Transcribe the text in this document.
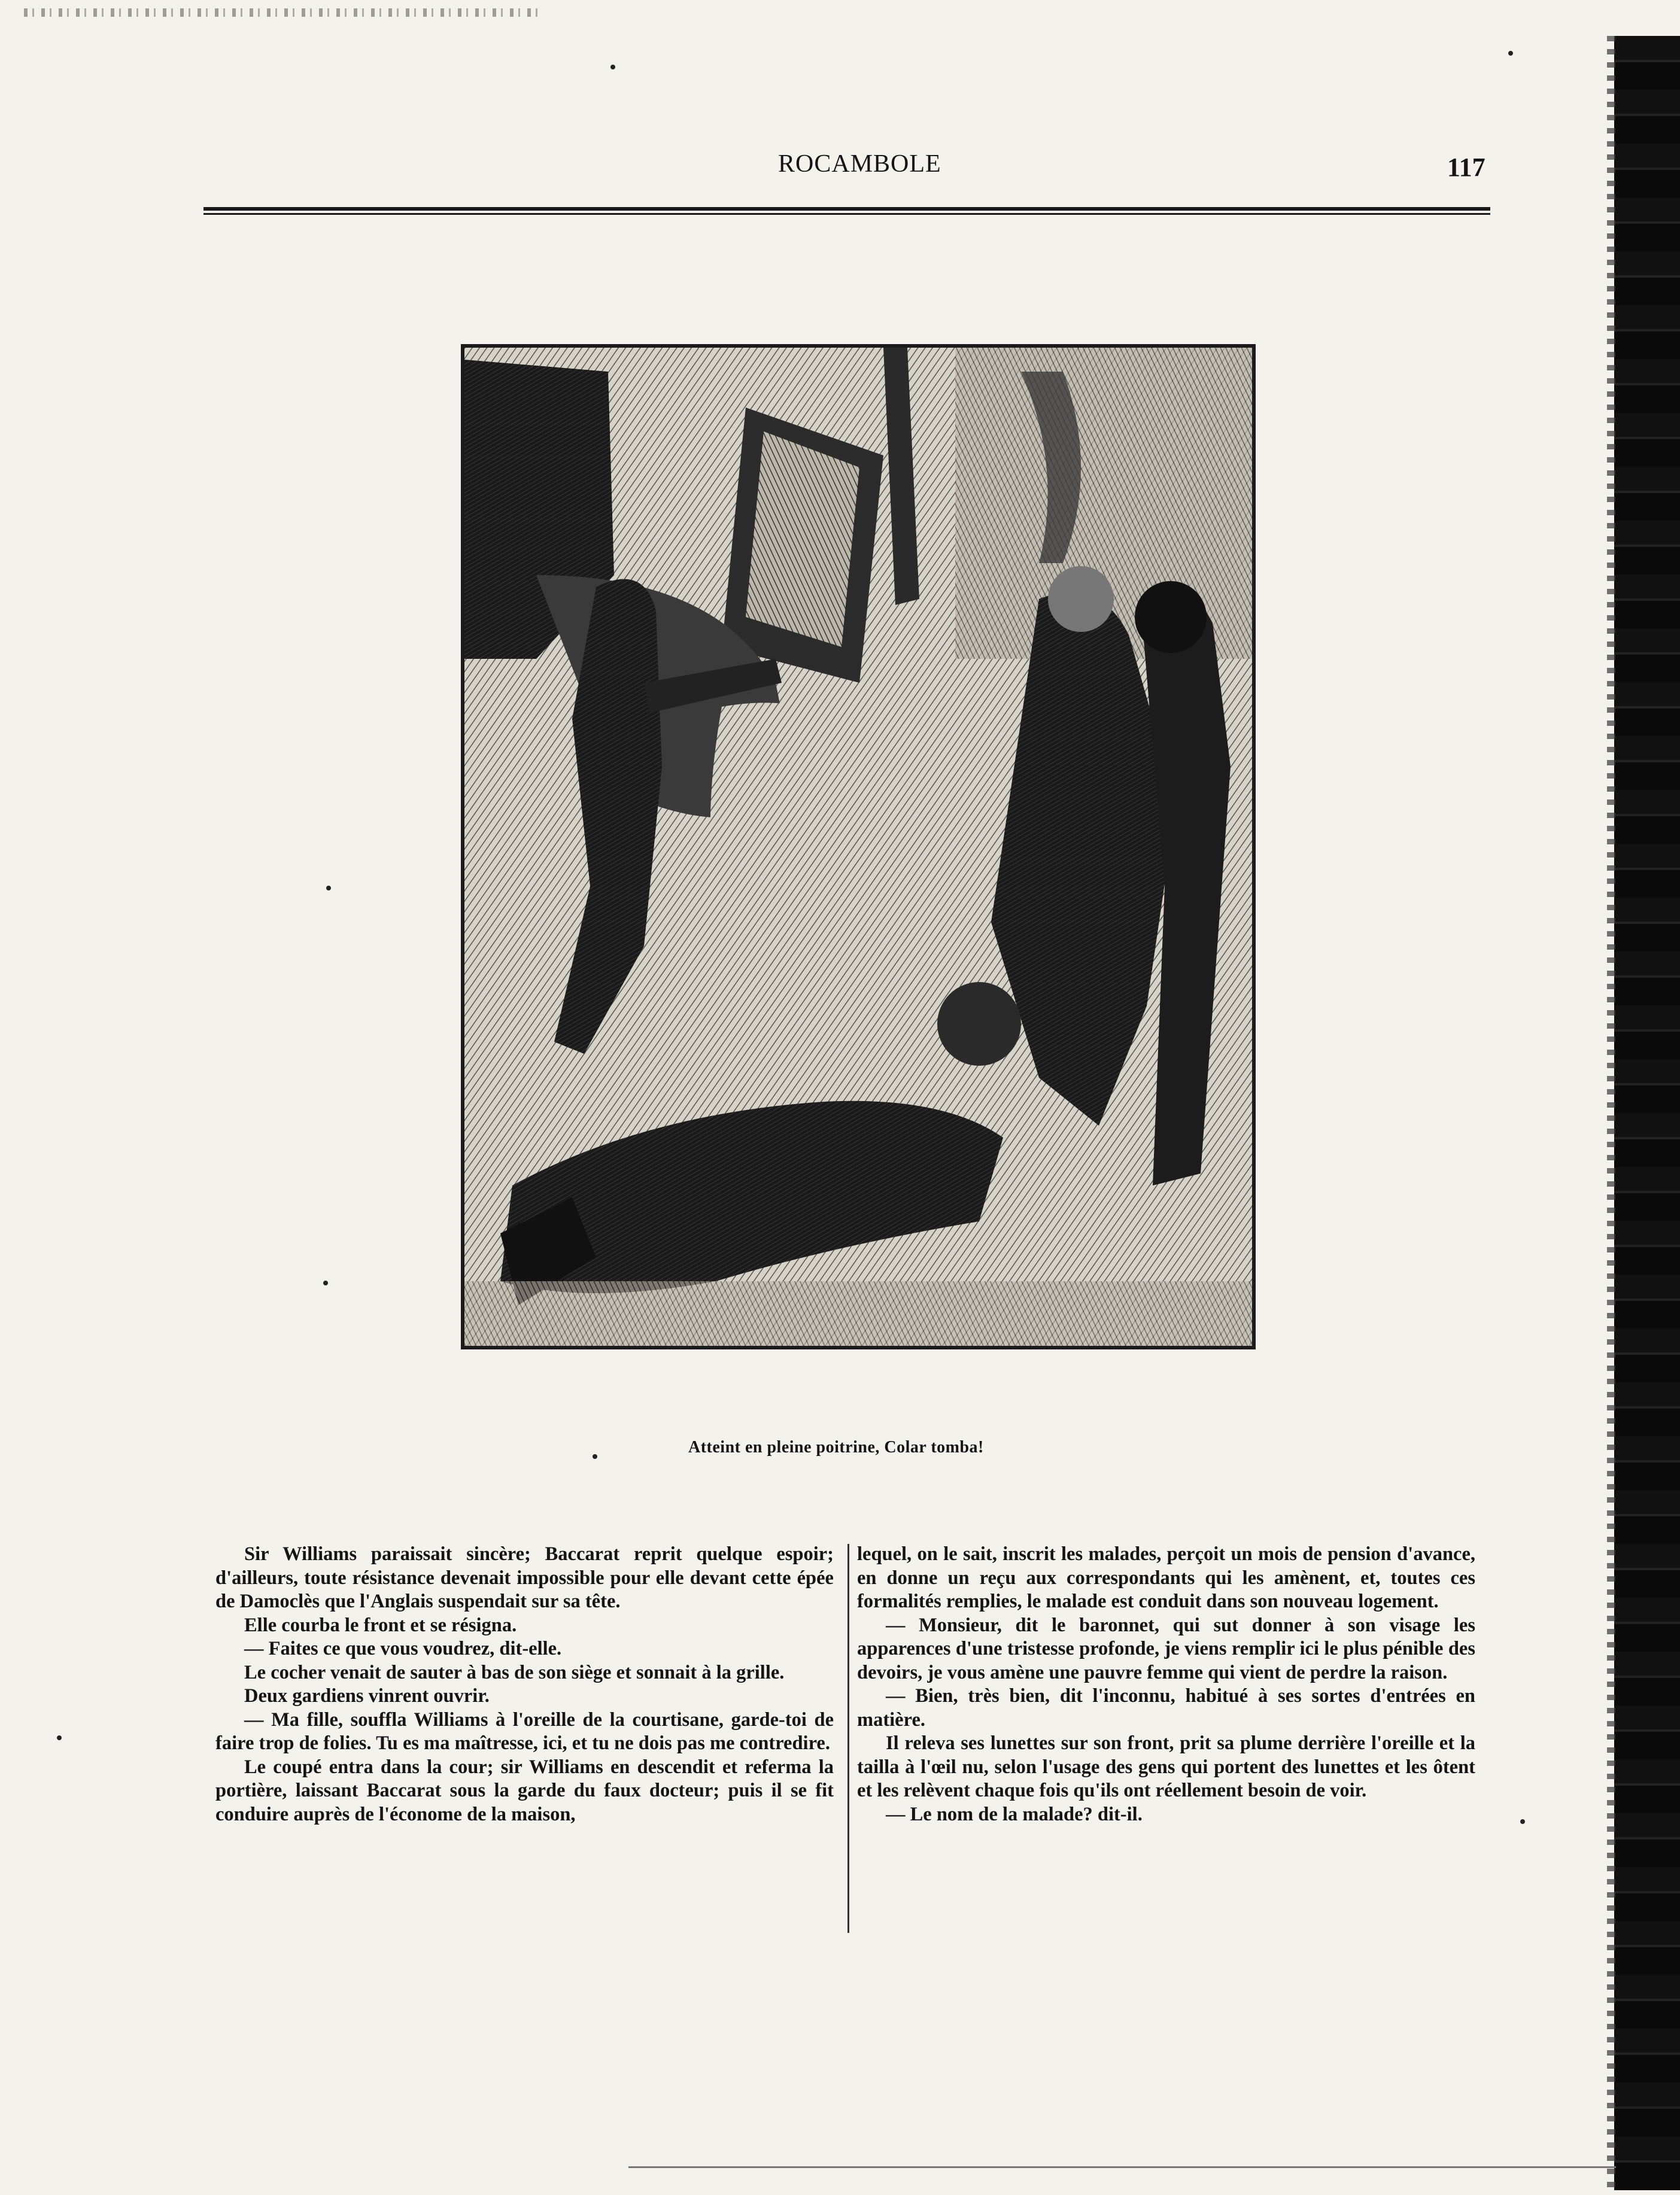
ROCAMBOLE	117
Atteint en pleine poitrine, Colar tomba!

Sir Williams paraissait sincère; Baccarat reprit quelque espoir; d'ailleurs, toute résistance devenait impossible pour elle devant cette épée de Damoclès que l'Anglais suspendait sur sa tête.

Elle courba le front et se résigna.

— Faites ce que vous voudrez, dit-elle.

Le cocher venait de sauter à bas de son siège et sonnait à la grille.

Deux gardiens vinrent ouvrir.

— Ma fille, souffla Williams à l'oreille de la courtisane, garde-toi de faire trop de folies. Tu es ma maîtresse, ici, et tu ne dois pas me contredire.

Le coupé entra dans la cour; sir Williams en descendit et referma la portière, laissant Baccarat sous la garde du faux docteur; puis il se fit conduire auprès de l'économe de la maison,

lequel, on le sait, inscrit les malades, perçoit un mois de pension d'avance, en donne un reçu aux correspondants qui les amènent, et, toutes ces formalités remplies, le malade est conduit dans son nouveau logement.

— Monsieur, dit le baronnet, qui sut donner à son visage les apparences d'une tristesse profonde, je viens remplir ici le plus pénible des devoirs, je vous amène une pauvre femme qui vient de perdre la raison.

— Bien, très bien, dit l'inconnu, habitué à ses sortes d'entrées en matière.

Il releva ses lunettes sur son front, prit sa plume derrière l'oreille et la tailla à l'œil nu, selon l'usage des gens qui portent des lunettes et les ôtent et les relèvent chaque fois qu'ils ont réellement besoin de voir.

— Le nom de la malade? dit-il.
